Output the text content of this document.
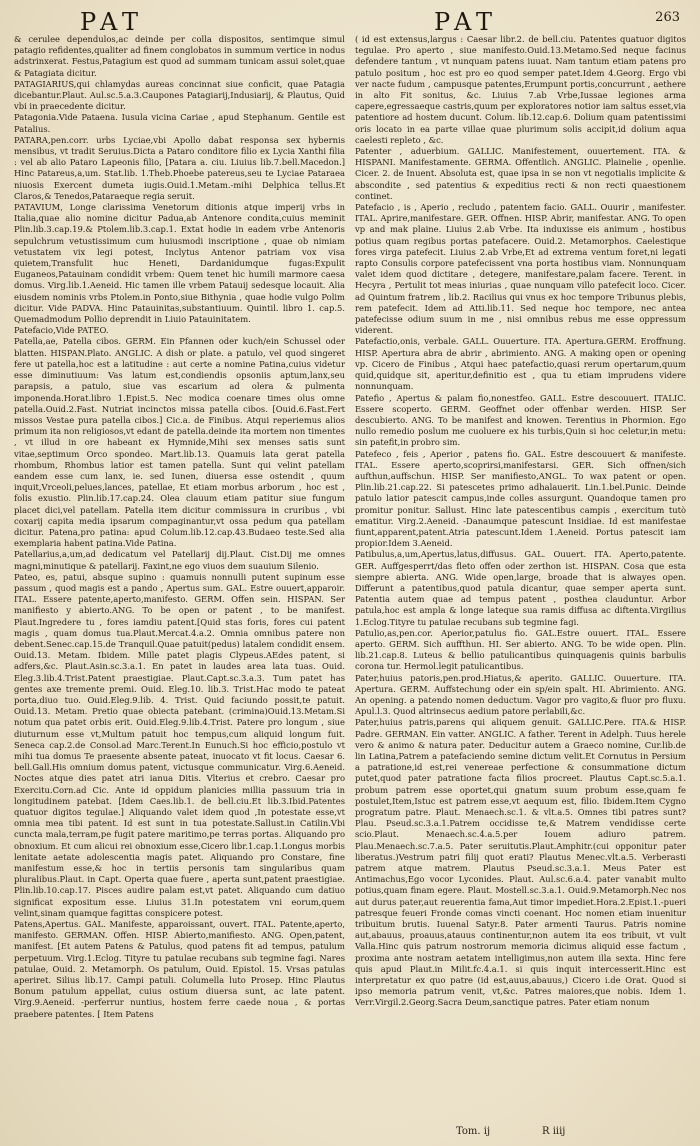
PAT	PAT	263

& cerulee dependulos,ac deinde per colla dispositos, sentimque simul patagio refidentes,qualiter ad finem conglobatos in summum vertice in nodus adstrinxerat. Festus,Patagium est quod ad summam tunicam assui solet,quae & Patagiata dicitur.

PATAGIARIUS,qui chlamydas aureas concinnat siue conficit, quae Patagia dicebantur.Plaut. Aul.sc.5.a.3.Caupones Patagiarij,Indusiarij, & Plautus, Quid vbi in praecedente dicitur.

Patagonia.Vide Pataena. Iusula vicina Cariae , apud Stephanum. Gentile est Patalius.

PATARA,pen.corr. urbs Lyciae,vbi Apollo dabat responsa sex hybernis mensibus, vt tradit Seruius.Dicta a Pataro conditore filio ex Lycia Xanthi filia : vel ab alio Pataro Lapeonis filio, [Patara a. ciu. Liuius lib.7.bell.Macedon.] Hinc Patareus,a,um. Stat.lib. 1.Theb.Phoebe patereus,seu te Lyciae Pataraea niuosis Exercent dumeta iugis.Ouid.1.Metam.-mihi Delphica tellus.Et Claros,& Tenedos,Pataraeque regia seruit.

PATAVIUM, Longe clarissima Venetorum ditionis atque imperij vrbs in Italia,quae alio nomine dicitur Padua,ab Antenore condita,cuius meminit Plin.lib.3.cap.19.& Ptolem.lib.3.cap.1. Extat hodie in eadem vrbe Antenoris sepulchrum vetustissimum cum huiusmodi inscriptione , quae ob nimiam vetustatem vix legi potest, Inclytus Antenor patriam vox visa quietem,Transfulit huc Heneti, Dardanidumque fugas:Expulit Euganeos,Patauinam condidit vrbem: Quem tenet hic humili marmore caesa domus. Virg.lib.1.Aeneid. Hic tamen ille vrbem Patauij sedesque locauit. Alia eiusdem nominis vrbs Ptolem.in Ponto,siue Bithynia , quae hodie vulgo Polim dicitur. Vide PADVA. Hinc Patauinitas,substantiuum. Quintil. libro 1. cap.5. Quemadmodum Pollio deprendit in Liuio Patauinitatem.

Patefacio,Vide PATEO.

Patella,ae, Patella cibos. GERM. Ein Pfannen oder kuch/ein Schussel oder blatten. HISPAN.Plato. ANGLIC. A dish or plate. a patulo, vel quod singeret fere ut patella,hoc est a latitudine : aut certe a nomine Patina,cuius videtur esse diminutiuum: Vas latum est,condiendis opsoniis aptum,lanx,seu parapsis, a patulo, siue vas escarium ad olera & pulmenta imponenda.Horat.libro 1.Epist.5. Nec modica coenare times olus omne patella.Ouid.2.Fast. Nutriat incinctos missa patella cibos. [Ouid.6.Fast.Fert missos Vestae pura patella cibos.] Cic.a. de Finibus. Atqui reperiemus alios primum ita non religiosos,vt edant de patella.deinde ita mortem non timentes , vt illud in ore habeant ex Hymnide,Mihi sex menses satis sunt vitae,septimum Orco spondeo. Mart.lib.13. Quamuis lata gerat patella rhombum, Rhombus latior est tamen patella. Sunt qui velint patellam eandem esse cum lanx, ie. sed Iunen, diuersa esse ostendit , quum inquit,Vrceoli,pelues,lances, patellae, Et etiam morbus arborum , hoc est , folis exustio. Plin.lib.17.cap.24. Olea clauum etiam patitur siue fungum placet dici,vel patellam. Patella item dicitur commissura in cruribus , vbi coxarij capita media ipsarum compaginantur,vt ossa pedum qua patellam dicitur. Patena,pro patina: apud Colum.lib.12.cap.43.Budaeo teste.Sed alia exemplaria habent patina.Vide Patina.

Patellarius,a,um,ad dedicatum vel Patellarij dij.Plaut. Cist.Dij me omnes magni,minutique & patellarij. Faxint,ne ego viuos dem suauium Silenio.

Pateo, es, patui, absque supino : quamuis nonnulli putent supinum esse passum , quod magis est a pando , Apertus sum. GAL. Estre ouuert,apparoir. ITAL. Essere patente,aperto,manifesto. GERM. Offen sein. HISPAN. Ser manifiesto y abierto.ANG. To be open or patent , to be manifest. Plaut.Ingredere tu , fores iamdiu patent.[Quid stas foris, fores cui patent magis , quam domus tua.Plaut.Mercat.4.a.2. Omnia omnibus patere non debent.Senec.cap.15.de Tranquil.Quae patuit(pedus) latalem condidit ensem. Ouid.13. Metam. Ibidem. Mille patet plagis Clypeus.AEdes patent, si adfers,&c. Plaut.Asin.sc.3.a.1. En patet in laudes area lata tuas. Ouid. Eleg.3.lib.4.Trist.Patent praestigiae. Plaut.Capt.sc.3.a.3. Tum patet has gentes axe tremente premi. Ouid. Eleg.10. lib.3. Trist.Hac modo te pateat porta,diuo tuo. Ouid.Eleg.9.lib. 4. Trist. Quid faciundo possit,te patuit. Ouid.13. Metam. Pretio quae obiecta patebant. (crimina)Ouid.13.Metam.Si notum qua patet orbis erit. Ouid.Eleg.9.lib.4.Trist. Patere pro longum , siue diuturnum esse vt,Multum patuit hoc tempus,cum aliquid longum fuit. Seneca cap.2.de Consol.ad Marc.Terent.In Eunuch.Si hoc efficio,postulo vt mihi tua domus Te praesente absente pateat, inuocato vt fit locus. Caesar 6. bell.Gall.His omnium domus patent, victusque communicatur. Virg.6.Aeneid. Noctes atque dies patet atri ianua Ditis. Vlterius et crebro. Caesar pro Exercitu.Corn.ad Cic. Ante id oppidum planicies millia passuum tria in longitudinem patebat. [Idem Caes.lib.1. de bell.ciu.Et lib.3.Ibid.Patentes quatuor digitos tegulae.] Aliquando valet idem quod ,In potestate esse,vt omnia mea tibi patent. Id est sunt in tua potestate.Sallust.in Catilin.Vbi cuncta mala,terram,pe fugit patere maritimo,pe terras portas. Aliquando pro obnoxium. Et cum alicui rei obnoxium esse,Cicero libr.1.cap.1.Longus morbis lenitate aetate adolescentia magis patet. Aliquando pro Constare, fine manifestum esse,& hoc in tertiis personis tam singularibus quam pluralibus.Plaut. in Capt. Operta quae fuere , aperta sunt,patent praestigiae. Plin.lib.10.cap.17. Pisces audire palam est,vt patet. Aliquando cum datiuo significat expositum esse. Liuius 31.In potestatem vni eorum,quem velint,sinam quamque fagittas conspicere potest.

Patens,Apertus. GAL. Manifeste, apparoissant, ouvert. ITAL. Patente,aperto, manifesto. GERMAN. Offen. HISP. Abierto,manifiesto. ANG. Open,patent, manifest. [Et autem Patens & Patulus, quod patens fit ad tempus, patulum perpetuum. Virg.1.Eclog. Tityre tu patulae recubans sub tegmine fagi. Nares patulae, Ouid. 2. Metamorph. Os patulum, Ouid. Epistol. 15. Vrsas patulas aperiret. Silius lib.17. Campi patuli. Columella luto Prosep. Hinc Plautus Bonum patulum appellat, cuius ostium diuersa sunt, ac late patent. Virg.9.Aeneid. -perferrur nuntius, hostem ferre caede noua , & portas praebere patentes. [ Item Patens

( id est extensus,largus : Caesar libr.2. de bell.ciu. Patentes quatuor digitos tegulae. Pro aperto , siue manifesto.Ouid.13.Metamo.Sed neque facinus defendere tantum , vt nunquam patens iuuat. Nam tantum etiam patens pro patulo positum , hoc est pro eo quod semper patet.Idem 4.Georg. Ergo vbi ver nacte fudum , campusque patentes,Erumpunt portis,concurrunt , aethere in alto Fit sonitus, &c. Liuius 7.ab Vrbe,Iussae legiones arma capere,egressaeque castris,quum per exploratores notior iam saltus esset,via patentiore ad hostem ducunt. Colum. lib.12.cap.6. Dolium quam patentissimi oris locato in ea parte villae quae plurimum solis accipit,id dolium aqua caelesti repleto , &c.

Patenter , aduerbium. GALLIC. Manifestement, ouuertement. ITA. & HISPANI. Manifestamente. GERMA. Offentlich. ANGLIC. Plainelie , openlie. Cicer. 2. de Inuent. Absoluta est, quae ipsa in se non vt negotialis implicite & abscondite , sed patentius & expeditius recti & non recti quaestionem continet.

Patefacio , is , Aperio , recludo , patentem facio. GALL. Ouurir , manifester. ITAL. Aprire,manifestare. GER. Offnen. HISP. Abrir, manifestar. ANG. To open vp and mak plaine. Liuius 2.ab Vrbe. Ita induxisse eis animum , hostibus potius quam regibus portas patefacere. Ouid.2. Metamorphos. Caelestique fores virga patefecit. Liuius 2.ab Vrbe,Et ad extrema ventum foret,ni legati rapto Consulis corpore patefecissent vna porta hostibus viam. Nonnunquam valet idem quod dictitare , detegere, manifestare,palam facere. Terent. in Hecyra , Pertulit tot meas iniurias , quae nunquam villo patefecit loco. Cicer. ad Quintum fratrem , lib.2. Racilius qui vnus ex hoc tempore Tribunus plebis, rem patefecit. Idem ad Atti.lib.11. Sed neque hoc tempore, nec antea patefecisse odium suum in me , nisi omnibus rebus me esse oppressum viderent.

Patefactio,onis, verbale. GALL. Ouuerture. ITA. Apertura.GERM. Eroffnung. HISP. Apertura abra de abrir , abrimiento. ANG. A making open or opening vp. Cicero de Finibus , Atqui haec patefactio,quasi rerum opertarum,quum quid,quidque sit, aperitur,definitio est , qua tu etiam imprudens videre nonnunquam.

Patefio , Apertus & palam fio,nonestfeo. GALL. Estre descouuert. ITALIC. Essere scoperto. GERM. Geoffnet oder offenbar werden. HISP. Ser descubierto. ANG. To be manifest and knowen. Terentius in Phormion. Ego nullo remedio poslum me cuoluere ex his turbis,Quin si hoc celetur,in metu: sin patefit,in probro sim.

Patefeco , feis , Aperior , patens fio. GAL. Estre descouuert & manifeste. ITAL. Essere aperto,scoprirsi,manifestarsi. GER. Sich offnen/sich aufthun,auffschun. HISP. Ser manifiesto,ANGL. To wax patent or open. Plin.lib.21.cap.22. Si patescetes primo adhalauerit. Lin.1.bel.Punic. Deinde patulo latior patescit campus,inde colles assurgunt. Quandoque tamen pro promitur ponitur. Sallust. Hinc late patescentibus campis , exercitum tutò ematitur. Virg.2.Aeneid. -Danaumque patescunt Insidiae. Id est manifestae fiunt,apparent,patent.Atria patescunt.Idem 1.Aeneid. Portus patescit iam propior.Idem 3.Aeneid.

Patibulus,a,um,Apertus,latus,diffusus. GAL. Ouuert. ITA. Aperto,patente. GER. Auffgesperrt/das fleto offen oder zerthon ist. HISPAN. Cosa que esta siempre abierta. ANG. Wide open,large, broade that is alwayes open. Differunt a patentibus,quod patula dicantur, quae semper aperta sunt. Patentia autem quae ad tempus patent , posthea clauduntur. Arbor patula,hoc est ampla & longe lateque sua ramis diffusa ac diftenta.Virgilius 1.Eclog.Tityre tu patulae recubans sub tegmine fagi.

Patulio,as,pen.cor. Aperior,patulus fio. GAL.Estre ouuert. ITAL. Essere aperto. GERM. Sich auffthun. HI. Ser abierto. ANG. To be wide open. Plin. lib.21.cap.8. Luteus & bellio patulicantibus quinquagenis quinis barbulis corona tur. Hermol.legit patulicantibus.

Pater,huius patoris,pen.prod.Hiatus,& aperito. GALLIC. Ouuerture. ITA. Apertura. GERM. Auffstechung oder ein sp/ein spalt. HI. Abrimiento. ANG. An opening. a patendo nomen deductum. Vagor pro vagito,& fluor pro fluxu. Apul.l.3. Quod altrinsecus aedium patore perlabili,&c.

Pater,huius patris,parens qui aliquem genuit. GALLIC.Pere. ITA.& HISP. Padre. GERMAN. Ein vatter. ANGLIC. A father. Terent in Adelph. Tuus herele vero & animo & natura pater. Deducitur autem a Graeco nomine, Cur.lib.de lin Latina,Patrem a patefaciendo semine dictum velit.Et Cornutus in Persium a patratione,id est,rei venereae perfectione & consummatione dictum putet,quod pater patratione facta filios procreet. Plautus Capt.sc.5.a.1. probum patrem esse oportet,qui gnatum suum probum esse,quam fe postulet,Item,Istuc est patrem esse,vt aequum est, filio. Ibidem.Item Cygno progratum patre. Plaut. Menaech.sc.1. & vlt.a.5. Omnes tibi patres sunt? Plau. Pseud.sc.3.a.1.Patrem occidisse te,& Matrem vendidisse certe scio.Plaut. Menaech.sc.4.a.5.per Iouem adiuro patrem. Plau.Menaech.sc.7.a.5. Pater seruitutis.Plaut.Amphitr.(cui opponitur pater liberatus.)Vestrum patri filij quot erati? Plautus Menec.vlt.a.5. Verberasti patrem atque matrem. Plautus Pseud.sc.3.a.1. Meus Pater est Antimachus,Ego vocor Lyconides. Plaut. Aul.sc.6.a.4. pater vanabit multo potius,quam finam egere. Plaut. Mostell.sc.3.a.1. Ouid.9.Metamorph.Nec nos aut durus pater,aut reuerentia fama,Aut timor impediet.Hora.2.Epist.1.-pueri patresque feueri Fronde comas vincti coenant. Hoc nomen etiam inuenitur tribuitum brutis. Iuuenal Satyr.8. Pater armenti Taurus. Patris nomine aut,abauus, proauus,atauus continentur,non autem ita eos tribuit, vt vult Valla.Hinc quis patrum nostrorum memoria dicimus aliquid esse factum , proxima ante nostram aetatem intelligimus,non autem illa sexta. Hinc fere quis apud Plaut.in Milit.fc.4.a.1. si quis inquit intercesserit.Hinc est interpretatur ex quo patre (id est,auus,abauus,) Cicero i.de Orat. Quod si ipso memoria patrum venit, vt,&c. Patres maiores,que nobis. Idem 1. Verr.Virgil.2.Georg.Sacra Deum,sanctique patres. Pater etiam nonum

Tom. ij	R iiij
